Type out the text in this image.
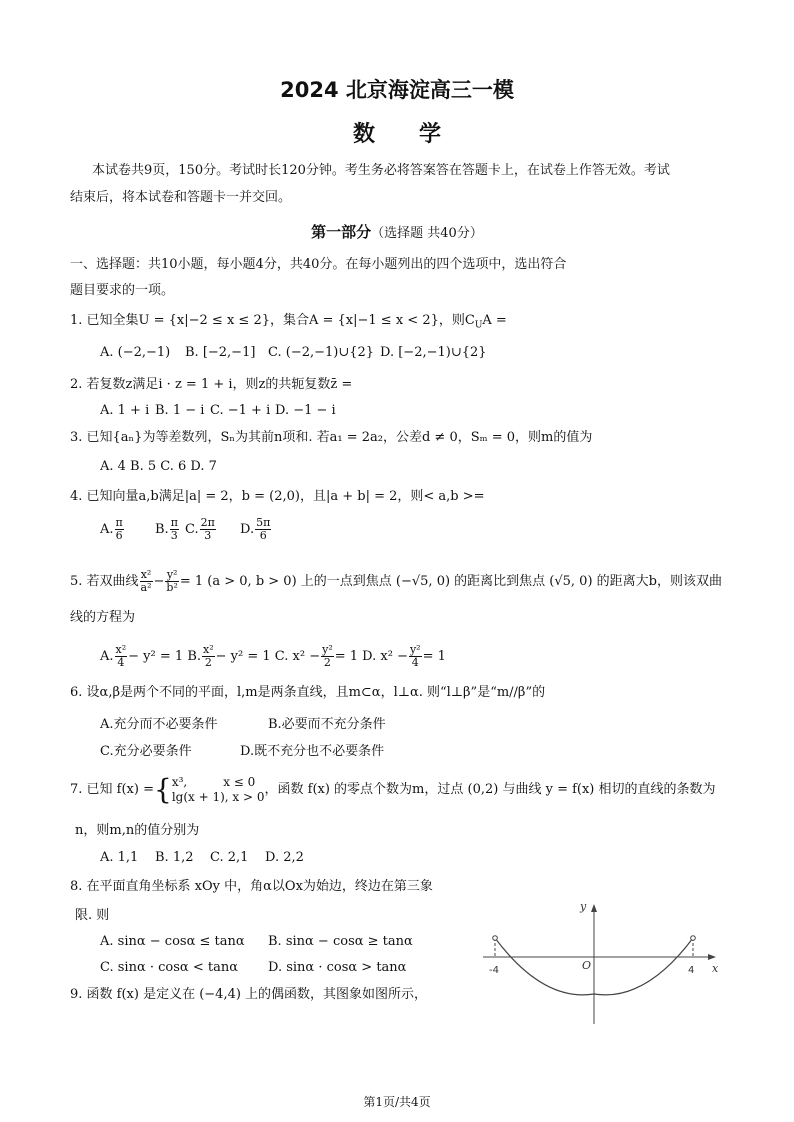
2024 北京海淀高三一模
数　　学
本试卷共9页，150分。考试时长120分钟。考生务必将答案答在答题卡上，在试卷上作答无效。考试
结束后，将本试卷和答题卡一并交回。
第一部分（选择题 共40分）
一、选择题：共10小题，每小题4分，共40分。在每小题列出的四个选项中，选出符合
题目要求的一项。
1. 已知全集U = {x|−2 ≤ x ≤ 2}，集合A = {x|−1 ≤ x < 2}，则$C_UA$ =
A. (−2,−1) B. [−2,−1] C. (−2,−1)∪{2} D. [−2,−1)∪{2}
2. 若复数z满足i · z = 1 + i，则z的共轭复数z̄ =
A. 1 + i B. 1 − i C. −1 + i D. −1 − i
3. 已知{aₙ}为等差数列，Sₙ为其前n项和. 若a₁ = 2a₂，公差d ≠ 0，Sₘ = 0，则m的值为
A. 4 B. 5 C. 6 D. 7
4. 已知向量a,b满足|a| = 2，b = (2,0)，且|a + b| = 2，则< a,b >=
A. $\frac{\pi}{6} B$. $\frac{\pi}{3} C$. $\frac{2\pi}{3} D$. $\frac{5\pi}{6}$
5. 若双曲线 $\frac{\text{x²}}{\text{a²}} - \frac{\text{y²}}{\text{b²}} = 1$ (a > 0, b > 0) 上的一点到焦点 (−√5, 0) 的距离比到焦点 (√5, 0) 的距离大b，则该双曲
线的方程为
A. $\frac{\text{x²}}{4} - y^2 = 1$ B. $\frac{\text{x²}}{2} - y^2 = 1$ C. $x^2 - \frac{\text{y²}}{2} = 1$ D. $x^2 - \frac{\text{y²}}{4} = 1$
6. 设α,β是两个不同的平面，l,m是两条直线，且m⊂α，l⊥α. 则“l⊥β”是“m//β”的
A.充分而不必要条件	B.必要而不充分条件
C.充分必要条件	D.既不充分也不必要条件
7. 已知 f(x) ={ x³,　　　x ≤ 0
lg(x + 1), x > 0 ，函数 f(x) 的零点个数为m，过点 (0,2) 与曲线 y = f(x) 相切的直线的条数为
n，则m,n的值分别为
A. 1,1 B. 1,2 C. 2,1 D. 2,2
8. 在平面直角坐标系 xOy 中，角α以Ox为始边，终边在第三象
限. 则
A. sinα − cosα ≤ tanα B. sinα − cosα ≥ tanα
C. sinα · cosα < tanα D. sinα · cosα > tanα
9. 函数 f(x) 是定义在 (−4,4) 上的偶函数，其图象如图所示，
y
x
O
-4	4
第1页/共4页
